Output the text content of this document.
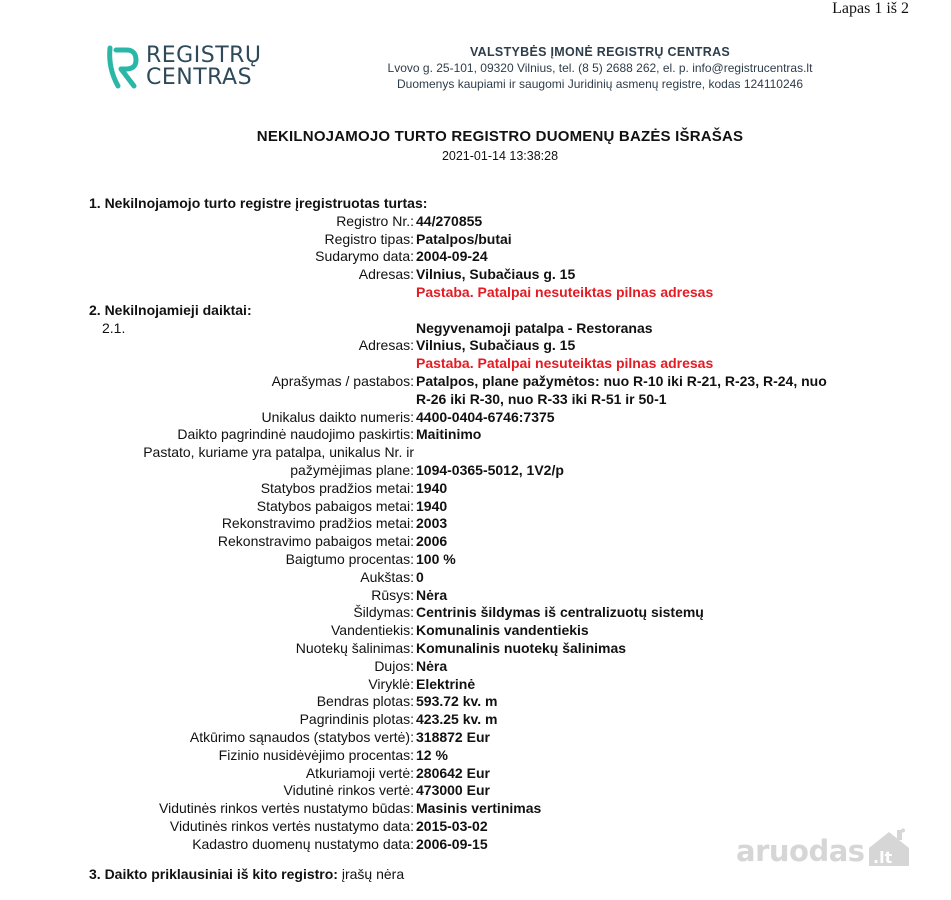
Lapas 1 iš 2
REGISTRŲ
CENTRAS
VALSTYBĖS ĮMONĖ REGISTRŲ CENTRAS
Lvovo g. 25-101, 09320 Vilnius, tel. (8 5) 2688 262, el. p. info@registrucentras.lt
Duomenys kaupiami ir saugomi Juridinių asmenų registre, kodas 124110246
NEKILNOJAMOJO TURTO REGISTRO DUOMENŲ BAZĖS IŠRAŠAS
2021-01-14 13:38:28
1. Nekilnojamojo turto registre įregistruotas turtas:
Registro Nr.: 44/270855
Registro tipas: Patalpos/butai
Sudarymo data: 2004-09-24
Adresas: Vilnius, Subačiaus g. 15
Pastaba. Patalpai nesuteiktas pilnas adresas
2. Nekilnojamieji daiktai:
2.1.	Negyvenamoji patalpa - Restoranas
Adresas: Vilnius, Subačiaus g. 15
Pastaba. Patalpai nesuteiktas pilnas adresas
Aprašymas / pastabos: Patalpos, plane pažymėtos: nuo R-10 iki R-21, R-23, R-24, nuo
R-26 iki R-30, nuo R-33 iki R-51 ir 50-1
Unikalus daikto numeris: 4400-0404-6746:7375
Daikto pagrindinė naudojimo paskirtis: Maitinimo
Pastato, kuriame yra patalpa, unikalus Nr. ir
pažymėjimas plane: 1094-0365-5012, 1V2/p
Statybos pradžios metai: 1940
Statybos pabaigos metai: 1940
Rekonstravimo pradžios metai: 2003
Rekonstravimo pabaigos metai: 2006
Baigtumo procentas: 100 %
Aukštas: 0
Rūsys: Nėra
Šildymas: Centrinis šildymas iš centralizuotų sistemų
Vandentiekis: Komunalinis vandentiekis
Nuotekų šalinimas: Komunalinis nuotekų šalinimas
Dujos: Nėra
Viryklė: Elektrinė
Bendras plotas: 593.72 kv. m
Pagrindinis plotas: 423.25 kv. m
Atkūrimo sąnaudos (statybos vertė): 318872 Eur
Fizinio nusidėvėjimo procentas: 12 %
Atkuriamoji vertė: 280642 Eur
Vidutinė rinkos vertė: 473000 Eur
Vidutinės rinkos vertės nustatymo būdas: Masinis vertinimas
Vidutinės rinkos vertės nustatymo data: 2015-03-02
Kadastro duomenų nustatymo data: 2006-09-15
3. Daikto priklausiniai iš kito registro: įrašų nėra
aruodas .lt
